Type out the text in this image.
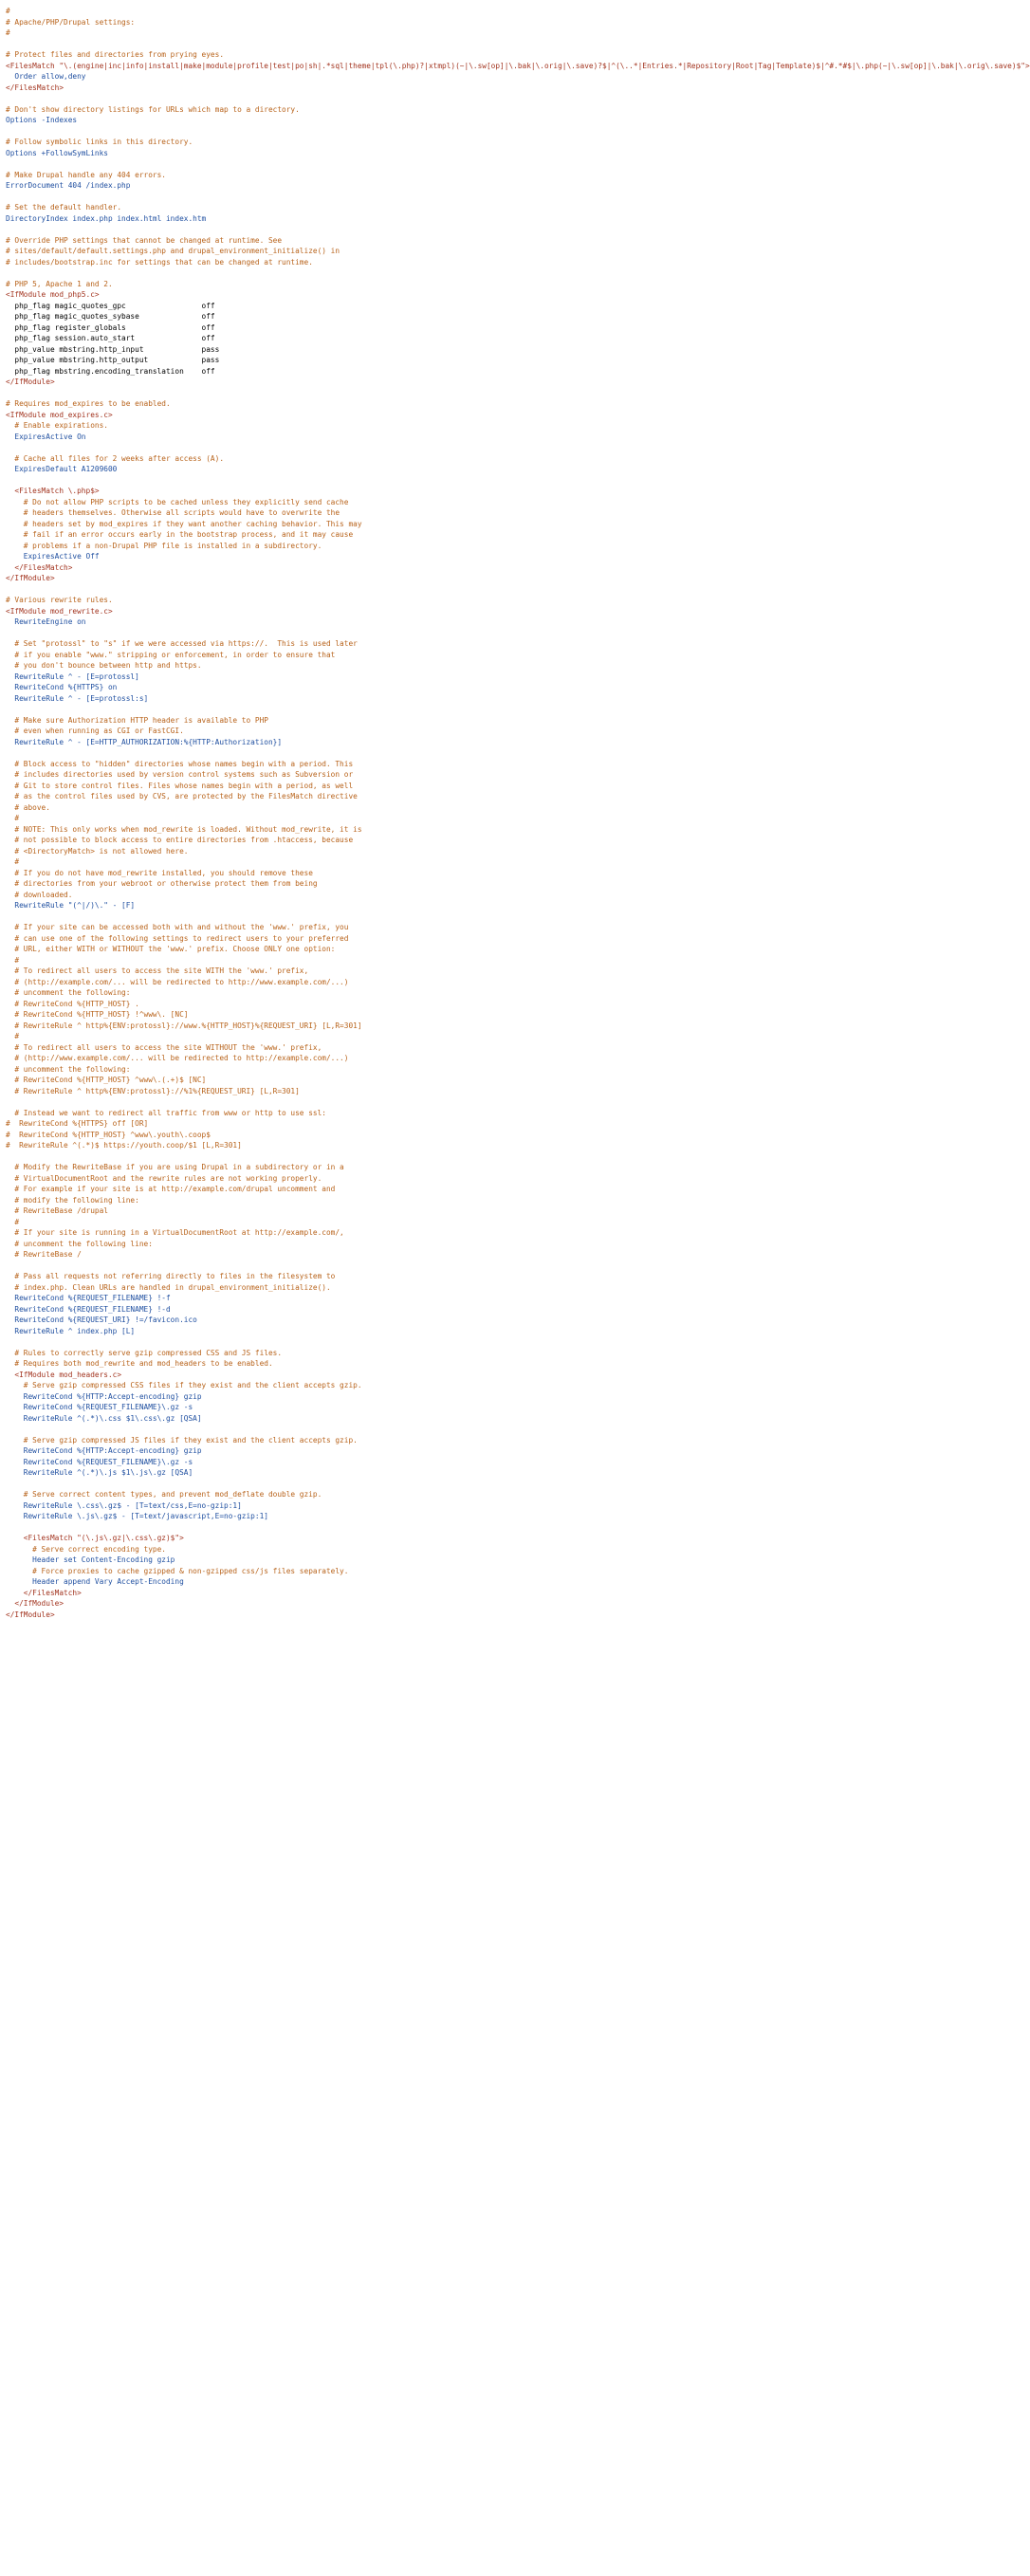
#
# Apache/PHP/Drupal settings:
#
# Protect files and directories from prying eyes.
<FilesMatch "\.(engine|inc|info|install|make|module|profile|test|po|sh|.*sql|theme|tpl(\.php)?|xtmpl)(~|\.sw[op]|\.bak|\.orig|\.save)?$|^(\..*|Entries.*|Repository|Root|Tag|Template)$|^#.*#$|\.php(~|\.sw[op]|\.bak|\.orig\.save)$">
Order allow,deny
</FilesMatch>
# Don't show directory listings for URLs which map to a directory.
Options -Indexes
# Follow symbolic links in this directory.
Options +FollowSymLinks
# Make Drupal handle any 404 errors.
ErrorDocument 404 /index.php
# Set the default handler.
DirectoryIndex index.php index.html index.htm
# Override PHP settings that cannot be changed at runtime. See
# sites/default/default.settings.php and drupal_environment_initialize() in
# includes/bootstrap.inc for settings that can be changed at runtime.
# PHP 5, Apache 1 and 2.
<IfModule mod_php5.c>
php_flag magic_quotes_gpc                 off
php_flag magic_quotes_sybase              off
php_flag register_globals                 off
php_flag session.auto_start               off
php_value mbstring.http_input             pass
php_value mbstring.http_output            pass
php_flag mbstring.encoding_translation    off
</IfModule>
# Requires mod_expires to be enabled.
<IfModule mod_expires.c>
# Enable expirations.
ExpiresActive On
# Cache all files for 2 weeks after access (A).
ExpiresDefault A1209600
<FilesMatch \.php$>
# Do not allow PHP scripts to be cached unless they explicitly send cache
# headers themselves. Otherwise all scripts would have to overwrite the
# headers set by mod_expires if they want another caching behavior. This may
# fail if an error occurs early in the bootstrap process, and it may cause
# problems if a non-Drupal PHP file is installed in a subdirectory.
ExpiresActive Off
</FilesMatch>
</IfModule>
# Various rewrite rules.
<IfModule mod_rewrite.c>
RewriteEngine on
# Set "protossl" to "s" if we were accessed via https://.  This is used later
# if you enable "www." stripping or enforcement, in order to ensure that
# you don't bounce between http and https.
RewriteRule ^ - [E=protossl]
RewriteCond %{HTTPS} on
RewriteRule ^ - [E=protossl:s]
# Make sure Authorization HTTP header is available to PHP
# even when running as CGI or FastCGI.
RewriteRule ^ - [E=HTTP_AUTHORIZATION:%{HTTP:Authorization}]
# Block access to "hidden" directories whose names begin with a period. This
# includes directories used by version control systems such as Subversion or
# Git to store control files. Files whose names begin with a period, as well
# as the control files used by CVS, are protected by the FilesMatch directive
# above.
#
# NOTE: This only works when mod_rewrite is loaded. Without mod_rewrite, it is
# not possible to block access to entire directories from .htaccess, because
# <DirectoryMatch> is not allowed here.
#
# If you do not have mod_rewrite installed, you should remove these
# directories from your webroot or otherwise protect them from being
# downloaded.
RewriteRule "(^|/)\." - [F]
# If your site can be accessed both with and without the 'www.' prefix, you
# can use one of the following settings to redirect users to your preferred
# URL, either WITH or WITHOUT the 'www.' prefix. Choose ONLY one option:
#
# To redirect all users to access the site WITH the 'www.' prefix,
# (http://example.com/... will be redirected to http://www.example.com/...)
# uncomment the following:
# RewriteCond %{HTTP_HOST} .
# RewriteCond %{HTTP_HOST} !^www\. [NC]
# RewriteRule ^ http%{ENV:protossl}://www.%{HTTP_HOST}%{REQUEST_URI} [L,R=301]
#
# To redirect all users to access the site WITHOUT the 'www.' prefix,
# (http://www.example.com/... will be redirected to http://example.com/...)
# uncomment the following:
# RewriteCond %{HTTP_HOST} ^www\.(.+)$ [NC]
# RewriteRule ^ http%{ENV:protossl}://%1%{REQUEST_URI} [L,R=301]
# Instead we want to redirect all traffic from www or http to use ssl:
#  RewriteCond %{HTTPS} off [OR]
#  RewriteCond %{HTTP_HOST} ^www\.youth\.coop$
#  RewriteRule ^(.*)$ https://youth.coop/$1 [L,R=301]
# Modify the RewriteBase if you are using Drupal in a subdirectory or in a
# VirtualDocumentRoot and the rewrite rules are not working properly.
# For example if your site is at http://example.com/drupal uncomment and
# modify the following line:
# RewriteBase /drupal
#
# If your site is running in a VirtualDocumentRoot at http://example.com/,
# uncomment the following line:
# RewriteBase /
# Pass all requests not referring directly to files in the filesystem to
# index.php. Clean URLs are handled in drupal_environment_initialize().
RewriteCond %{REQUEST_FILENAME} !-f
RewriteCond %{REQUEST_FILENAME} !-d
RewriteCond %{REQUEST_URI} !=/favicon.ico
RewriteRule ^ index.php [L]
# Rules to correctly serve gzip compressed CSS and JS files.
# Requires both mod_rewrite and mod_headers to be enabled.
<IfModule mod_headers.c>
# Serve gzip compressed CSS files if they exist and the client accepts gzip.
RewriteCond %{HTTP:Accept-encoding} gzip
RewriteCond %{REQUEST_FILENAME}\.gz -s
RewriteRule ^(.*)\.css $1\.css\.gz [QSA]
# Serve gzip compressed JS files if they exist and the client accepts gzip.
RewriteCond %{HTTP:Accept-encoding} gzip
RewriteCond %{REQUEST_FILENAME}\.gz -s
RewriteRule ^(.*)\.js $1\.js\.gz [QSA]
# Serve correct content types, and prevent mod_deflate double gzip.
RewriteRule \.css\.gz$ - [T=text/css,E=no-gzip:1]
RewriteRule \.js\.gz$ - [T=text/javascript,E=no-gzip:1]
<FilesMatch "(\.js\.gz|\.css\.gz)$">
# Serve correct encoding type.
Header set Content-Encoding gzip
# Force proxies to cache gzipped & non-gzipped css/js files separately.
Header append Vary Accept-Encoding
</FilesMatch>
</IfModule>
</IfModule>
